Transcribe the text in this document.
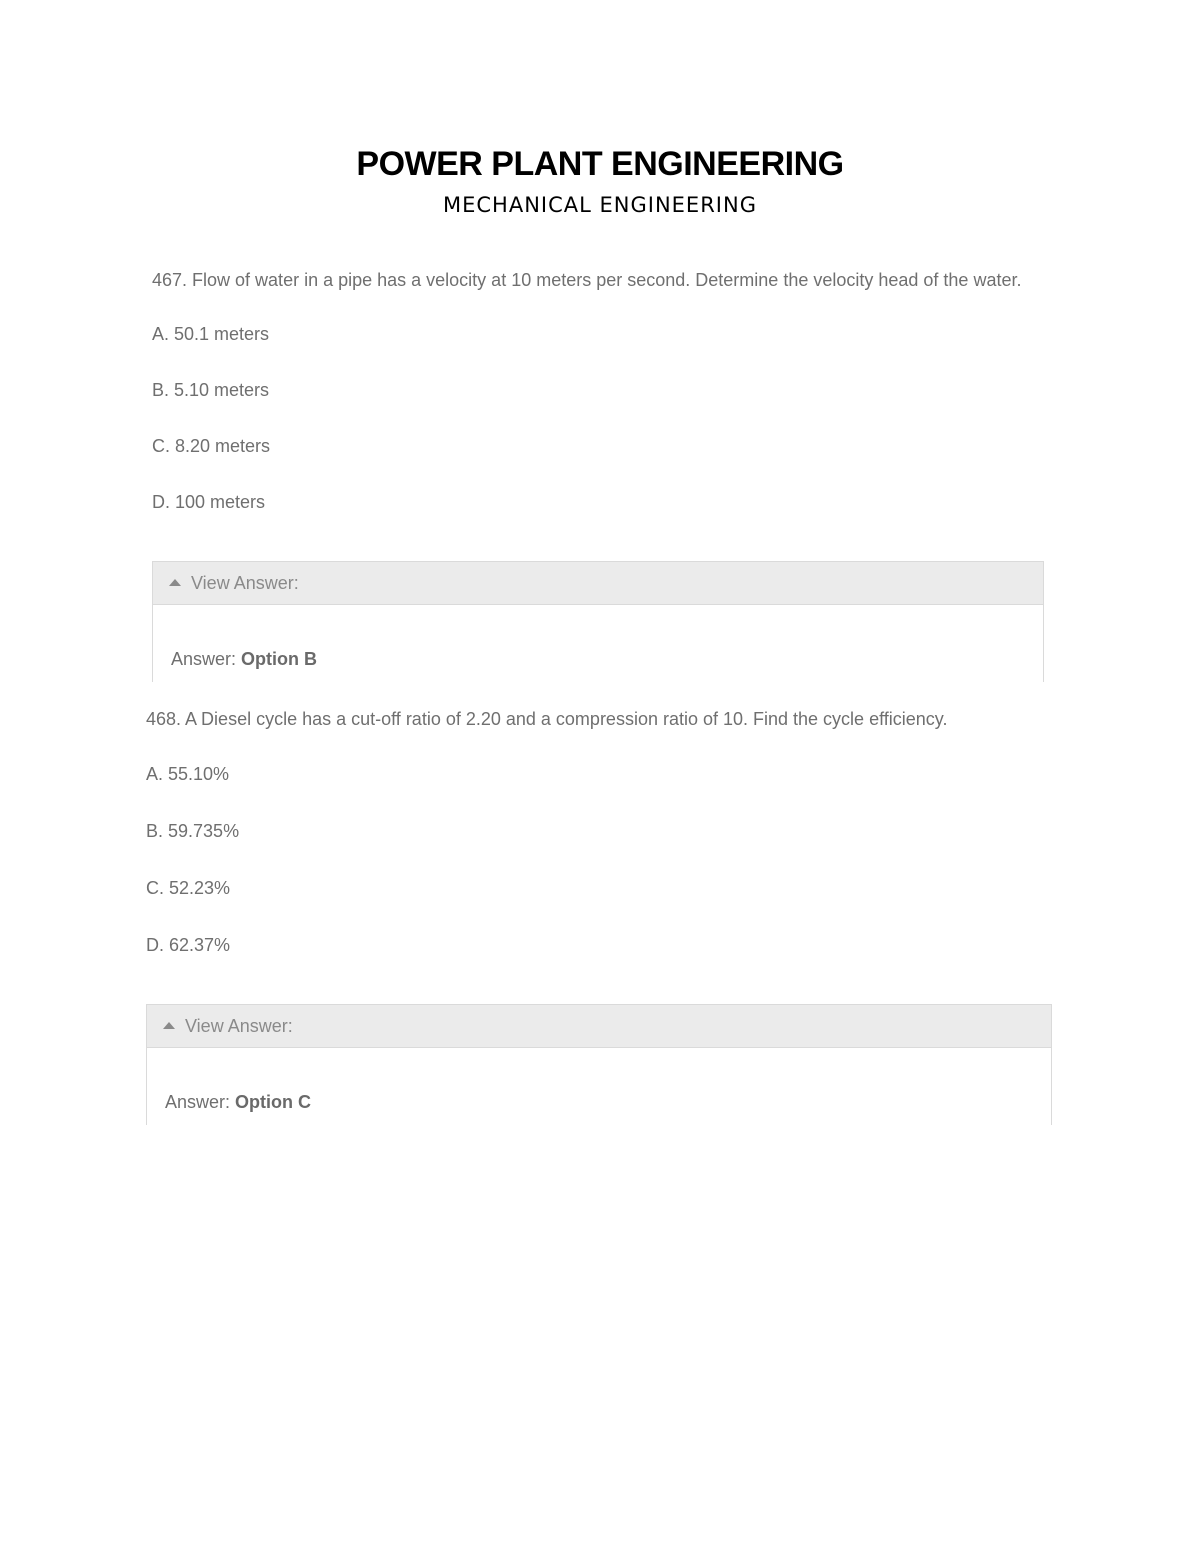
POWER PLANT ENGINEERING
MECHANICAL ENGINEERING

467. Flow of water in a pipe has a velocity at 10 meters per second. Determine the velocity head of the water.

A. 50.1 meters

B. 5.10 meters

C. 8.20 meters

D. 100 meters

View Answer:
Answer: Option B

468. A Diesel cycle has a cut-off ratio of 2.20 and a compression ratio of 10. Find the cycle efficiency.

A. 55.10%

B. 59.735%

C. 52.23%

D. 62.37%

View Answer:
Answer: Option C
